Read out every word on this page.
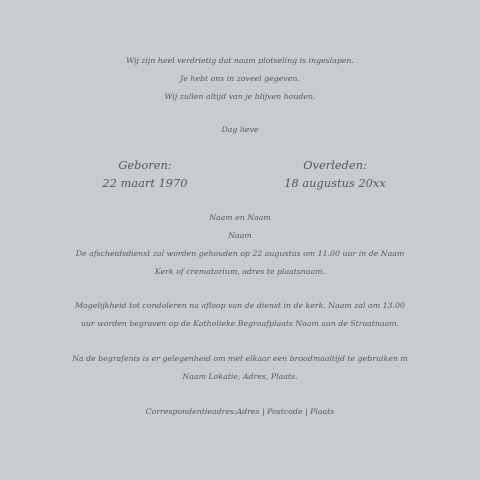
Wij zijn heel verdrietig dat naam plotseling is ingeslapen.
Je hebt ons in zoveel gegeven.
Wij zullen altijd van je blijven houden.
Dag lieve
Geboren:
22 maart 1970
Overleden:
18 augustus 20xx
Naam en Naam
Naam
De afscheidsdienst zal worden gehouden op 22 augustus om 11.00 uur in de Naam
Kerk of crematorium, adres te plaatsnaam.
Mogelijkheid tot condoleren na afloop van de dienst in de kerk. Naam zal om 13.00
uur worden begraven op de Katholieke Begraafplaats Naam aan de Straatnaam.
Na de begrafenis is er gelegenheid om met elkaar een broodmaaltijd te gebruiken in
Naam Lokatie, Adres, Plaats.
Correspondentieadres:Adres | Postcode | Plaats
